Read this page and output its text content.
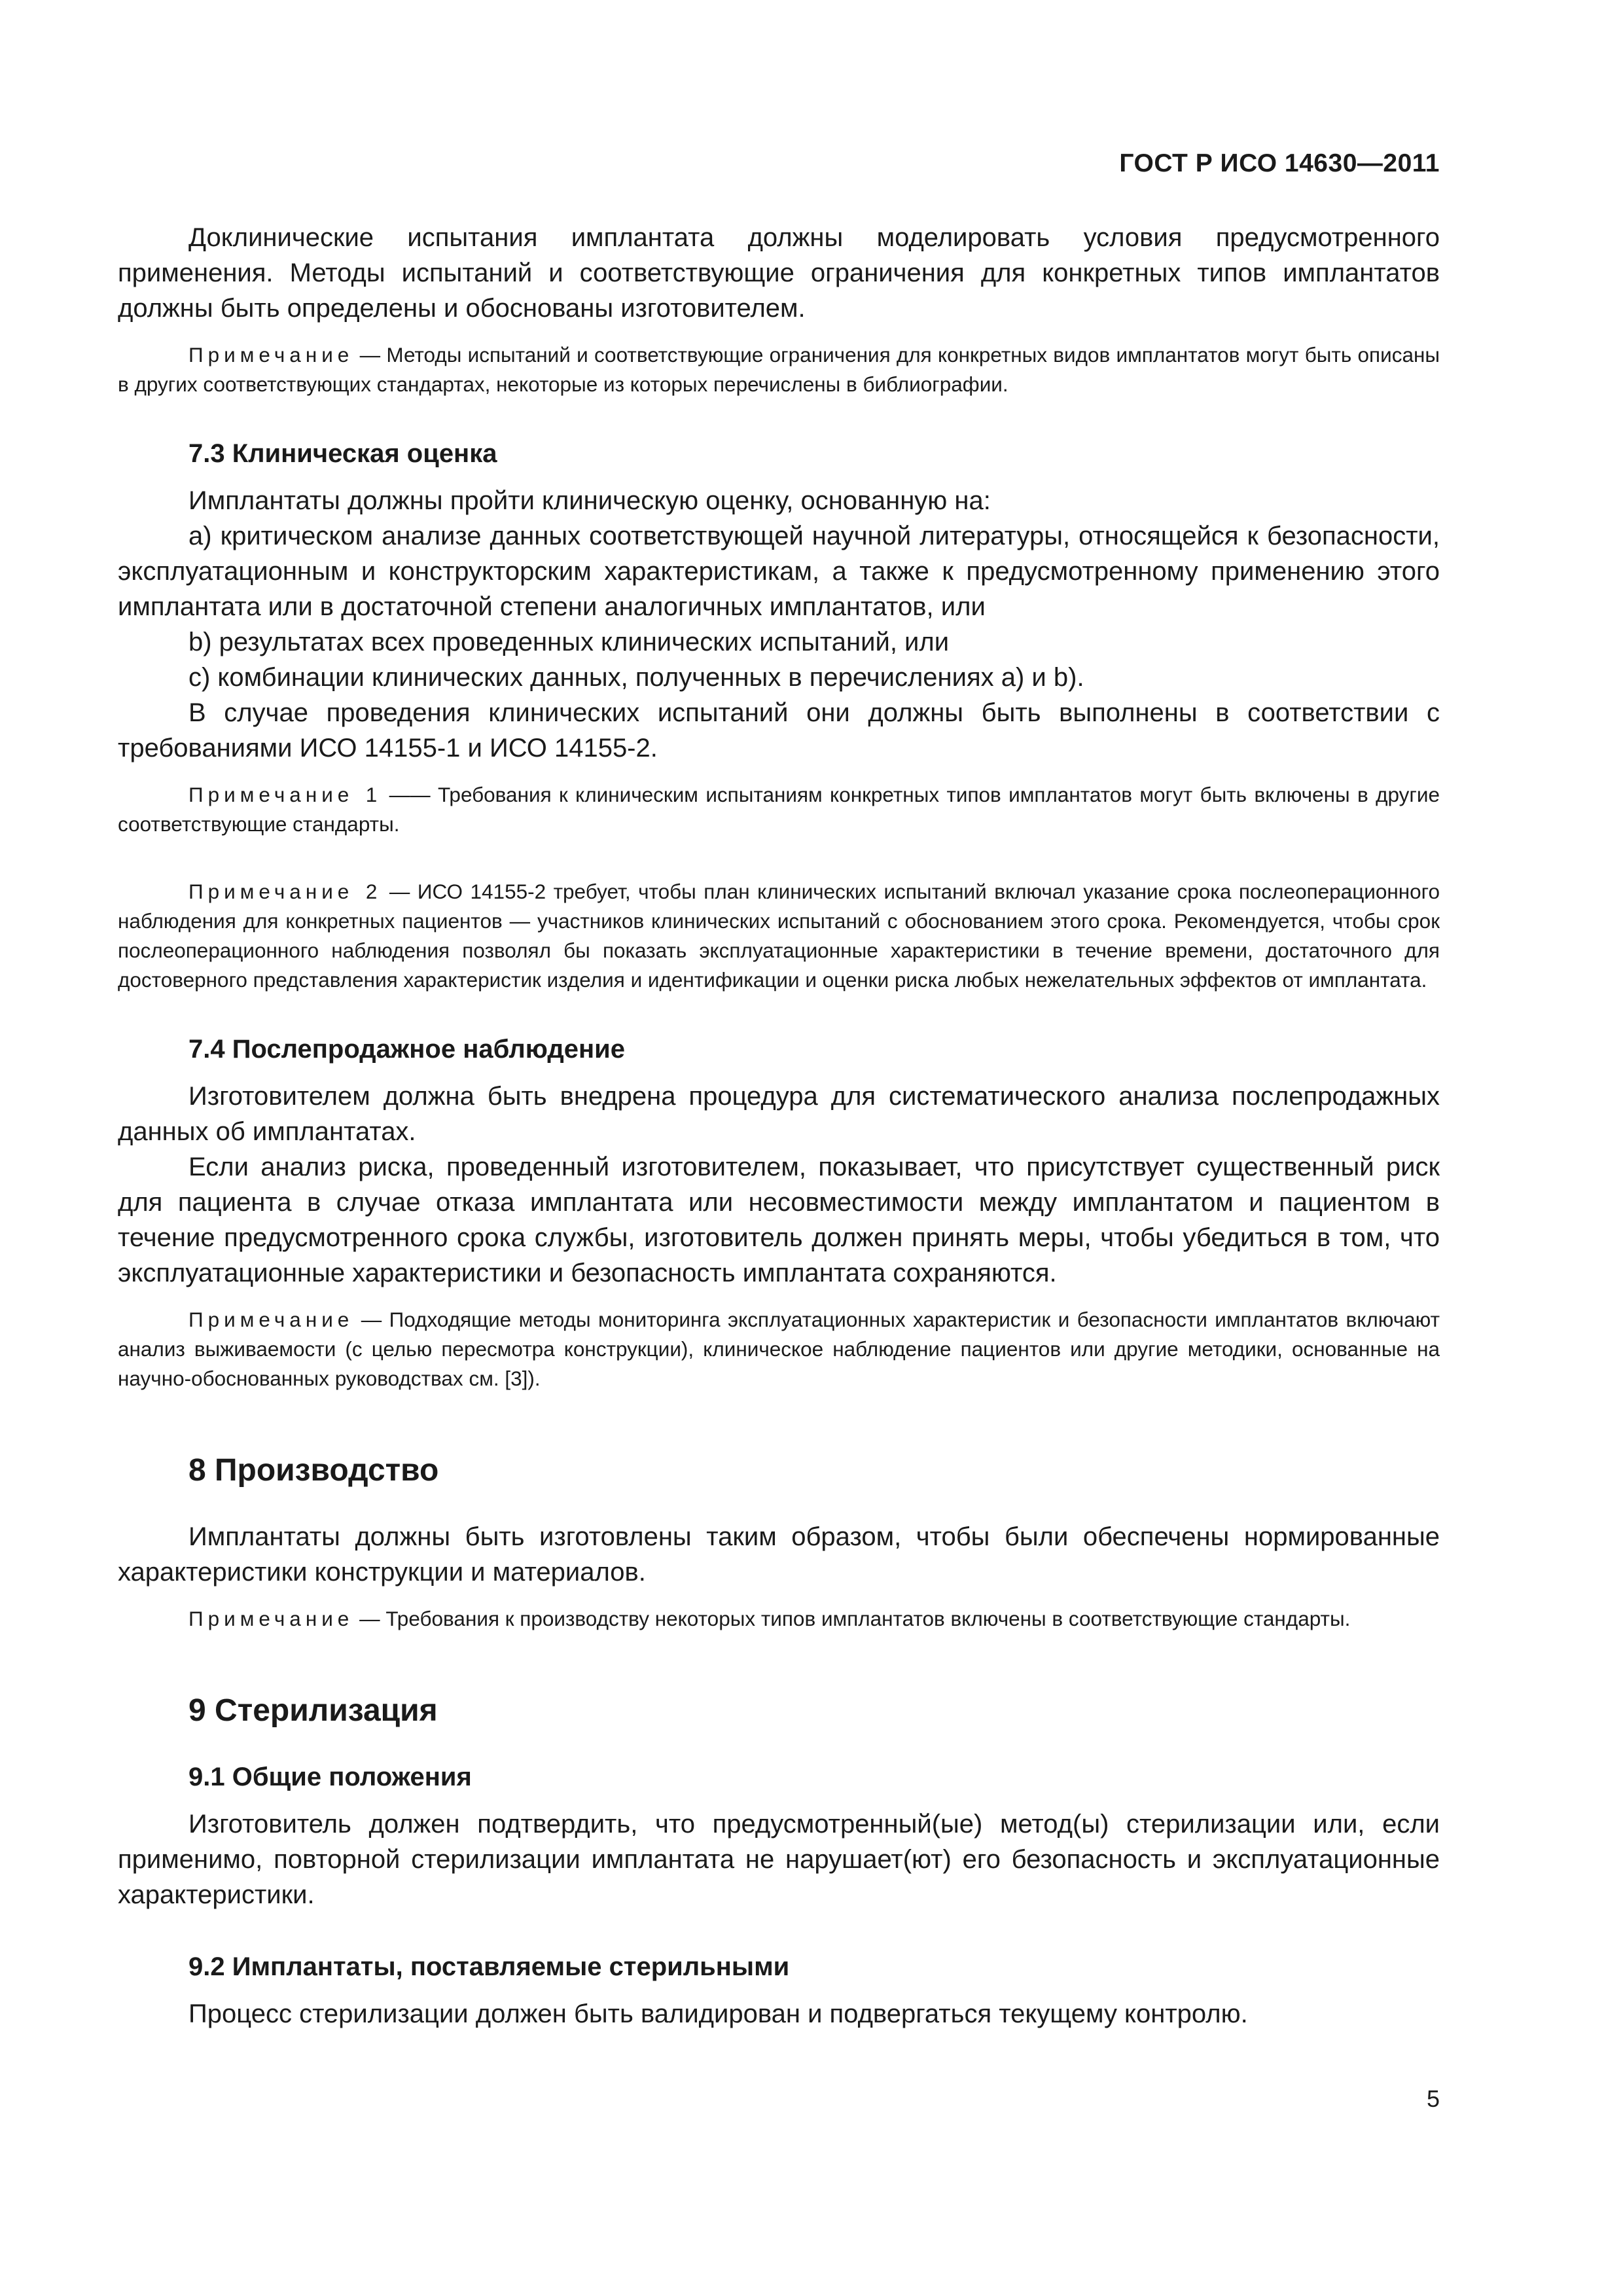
ГОСТ Р ИСО 14630—2011

Доклинические испытания имплантата должны моделировать условия предусмотренного применения. Методы испытаний и соответствующие ограничения для конкретных типов имплантатов должны быть определены и обоснованы изготовителем.

Примечание — Методы испытаний и соответствующие ограничения для конкретных видов имплантатов могут быть описаны в других соответствующих стандартах, некоторые из которых перечислены в библиографии.

7.3 Клиническая оценка

Имплантаты должны пройти клиническую оценку, основанную на:

a) критическом анализе данных соответствующей научной литературы, относящейся к безопасности, эксплуатационным и конструкторским характеристикам, а также к предусмотренному применению этого имплантата или в достаточной степени аналогичных имплантатов, или

b) результатах всех проведенных клинических испытаний, или

c) комбинации клинических данных, полученных в перечислениях a) и b).

В случае проведения клинических испытаний они должны быть выполнены в соответствии с требованиями ИСО 14155-1 и ИСО 14155-2.

Примечание 1 —— Требования к клиническим испытаниям конкретных типов имплантатов могут быть включены в другие соответствующие стандарты.

Примечание 2 — ИСО 14155-2 требует, чтобы план клинических испытаний включал указание срока послеоперационного наблюдения для конкретных пациентов — участников клинических испытаний с обоснованием этого срока. Рекомендуется, чтобы срок послеоперационного наблюдения позволял бы показать эксплуатационные характеристики в течение времени, достаточного для достоверного представления характеристик изделия и идентификации и оценки риска любых нежелательных эффектов от имплантата.

7.4 Послепродажное наблюдение

Изготовителем должна быть внедрена процедура для систематического анализа послепродажных данных об имплантатах.

Если анализ риска, проведенный изготовителем, показывает, что присутствует существенный риск для пациента в случае отказа имплантата или несовместимости между имплантатом и пациентом в течение предусмотренного срока службы, изготовитель должен принять меры, чтобы убедиться в том, что эксплуатационные характеристики и безопасность имплантата сохраняются.

Примечание — Подходящие методы мониторинга эксплуатационных характеристик и безопасности имплантатов включают анализ выживаемости (с целью пересмотра конструкции), клиническое наблюдение пациентов или другие методики, основанные на научно-обоснованных руководствах см. [3]).

8 Производство

Имплантаты должны быть изготовлены таким образом, чтобы были обеспечены нормированные характеристики конструкции и материалов.

Примечание — Требования к производству некоторых типов имплантатов включены в соответствующие стандарты.

9 Стерилизация
9.1 Общие положения

Изготовитель должен подтвердить, что предусмотренный(ые) метод(ы) стерилизации или, если применимо, повторной стерилизации имплантата не нарушает(ют) его безопасность и эксплуатационные характеристики.

9.2 Имплантаты, поставляемые стерильными

Процесс стерилизации должен быть валидирован и подвергаться текущему контролю.

5
